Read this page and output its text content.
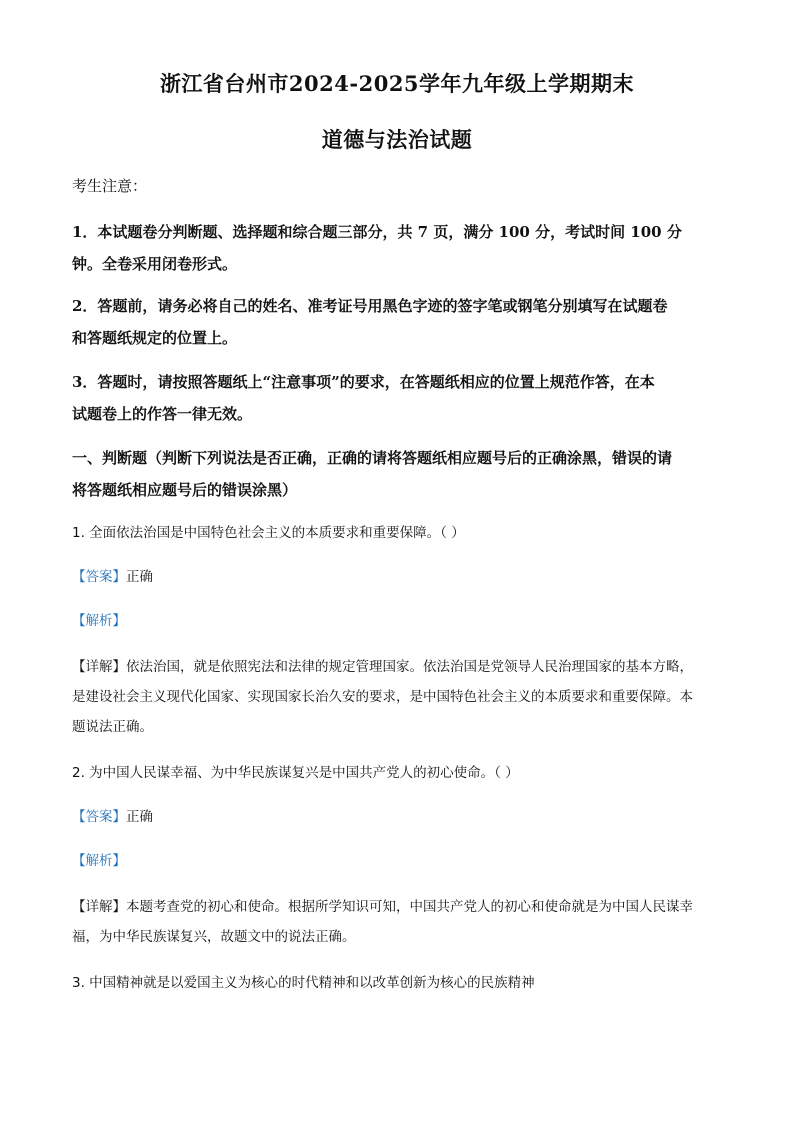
浙江省台州市2024-2025学年九年级上学期期末
道德与法治试题
考生注意：
1．本试题卷分判断题、选择题和综合题三部分，共 7 页，满分 100 分，考试时间 100 分
钟。全卷采用闭卷形式。
2．答题前，请务必将自己的姓名、准考证号用黑色字迹的签字笔或钢笔分别填写在试题卷
和答题纸规定的位置上。
3．答题时，请按照答题纸上“注意事项”的要求，在答题纸相应的位置上规范作答，在本
试题卷上的作答一律无效。
一、判断题（判断下列说法是否正确，正确的请将答题纸相应题号后的正确涂黑，错误的请
将答题纸相应题号后的错误涂黑）
1. 全面依法治国是中国特色社会主义的本质要求和重要保障。（ ）
【答案】正确
【解析】
【详解】依法治国，就是依照宪法和法律的规定管理国家。依法治国是党领导人民治理国家的基本方略，
是建设社会主义现代化国家、实现国家长治久安的要求，是中国特色社会主义的本质要求和重要保障。本
题说法正确。
2. 为中国人民谋幸福、为中华民族谋复兴是中国共产党人的初心使命。（ ）
【答案】正确
【解析】
【详解】本题考查党的初心和使命。根据所学知识可知，中国共产党人的初心和使命就是为中国人民谋幸
福，为中华民族谋复兴，故题文中的说法正确。
3. 中国精神就是以爱国主义为核心的时代精神和以改革创新为核心的民族精神
